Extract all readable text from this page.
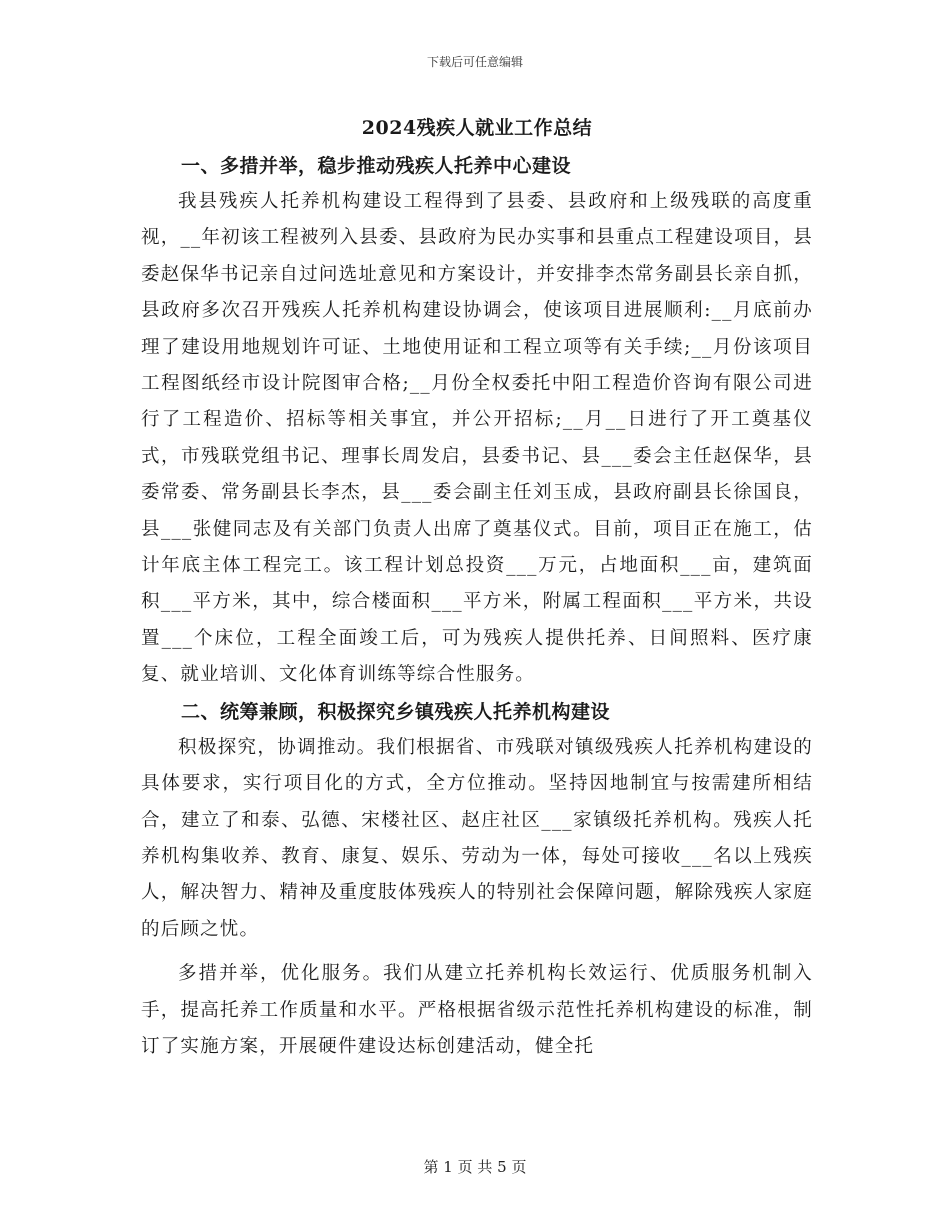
下载后可任意编辑
2024残疾人就业工作总结
一、多措并举，稳步推动残疾人托养中心建设

我县残疾人托养机构建设工程得到了县委、县政府和上级残联的高度重视，__年初该工程被列入县委、县政府为民办实事和县重点工程建设项目，县委赵保华书记亲自过问选址意见和方案设计，并安排李杰常务副县长亲自抓，县政府多次召开残疾人托养机构建设协调会，使该项目进展顺利:__月底前办理了建设用地规划许可证、土地使用证和工程立项等有关手续;__月份该项目工程图纸经市设计院图审合格;__月份全权委托中阳工程造价咨询有限公司进行了工程造价、招标等相关事宜，并公开招标;__月__日进行了开工奠基仪式，市残联党组书记、理事长周发启，县委书记、县___委会主任赵保华，县委常委、常务副县长李杰，县___委会副主任刘玉成，县政府副县长徐国良，县___张健同志及有关部门负责人出席了奠基仪式。目前，项目正在施工，估计年底主体工程完工。该工程计划总投资___万元，占地面积___亩，建筑面积___平方米，其中，综合楼面积___平方米，附属工程面积___平方米，共设置___个床位，工程全面竣工后，可为残疾人提供托养、日间照料、医疗康复、就业培训、文化体育训练等综合性服务。

二、统筹兼顾，积极探究乡镇残疾人托养机构建设

积极探究，协调推动。我们根据省、市残联对镇级残疾人托养机构建设的具体要求，实行项目化的方式，全方位推动。坚持因地制宜与按需建所相结合，建立了和泰、弘德、宋楼社区、赵庄社区___家镇级托养机构。残疾人托养机构集收养、教育、康复、娱乐、劳动为一体，每处可接收___名以上残疾人，解决智力、精神及重度肢体残疾人的特别社会保障问题，解除残疾人家庭的后顾之忧。

多措并举，优化服务。我们从建立托养机构长效运行、优质服务机制入手，提高托养工作质量和水平。严格根据省级示范性托养机构建设的标准，制订了实施方案，开展硬件建设达标创建活动，健全托

第 1 页 共 5 页
